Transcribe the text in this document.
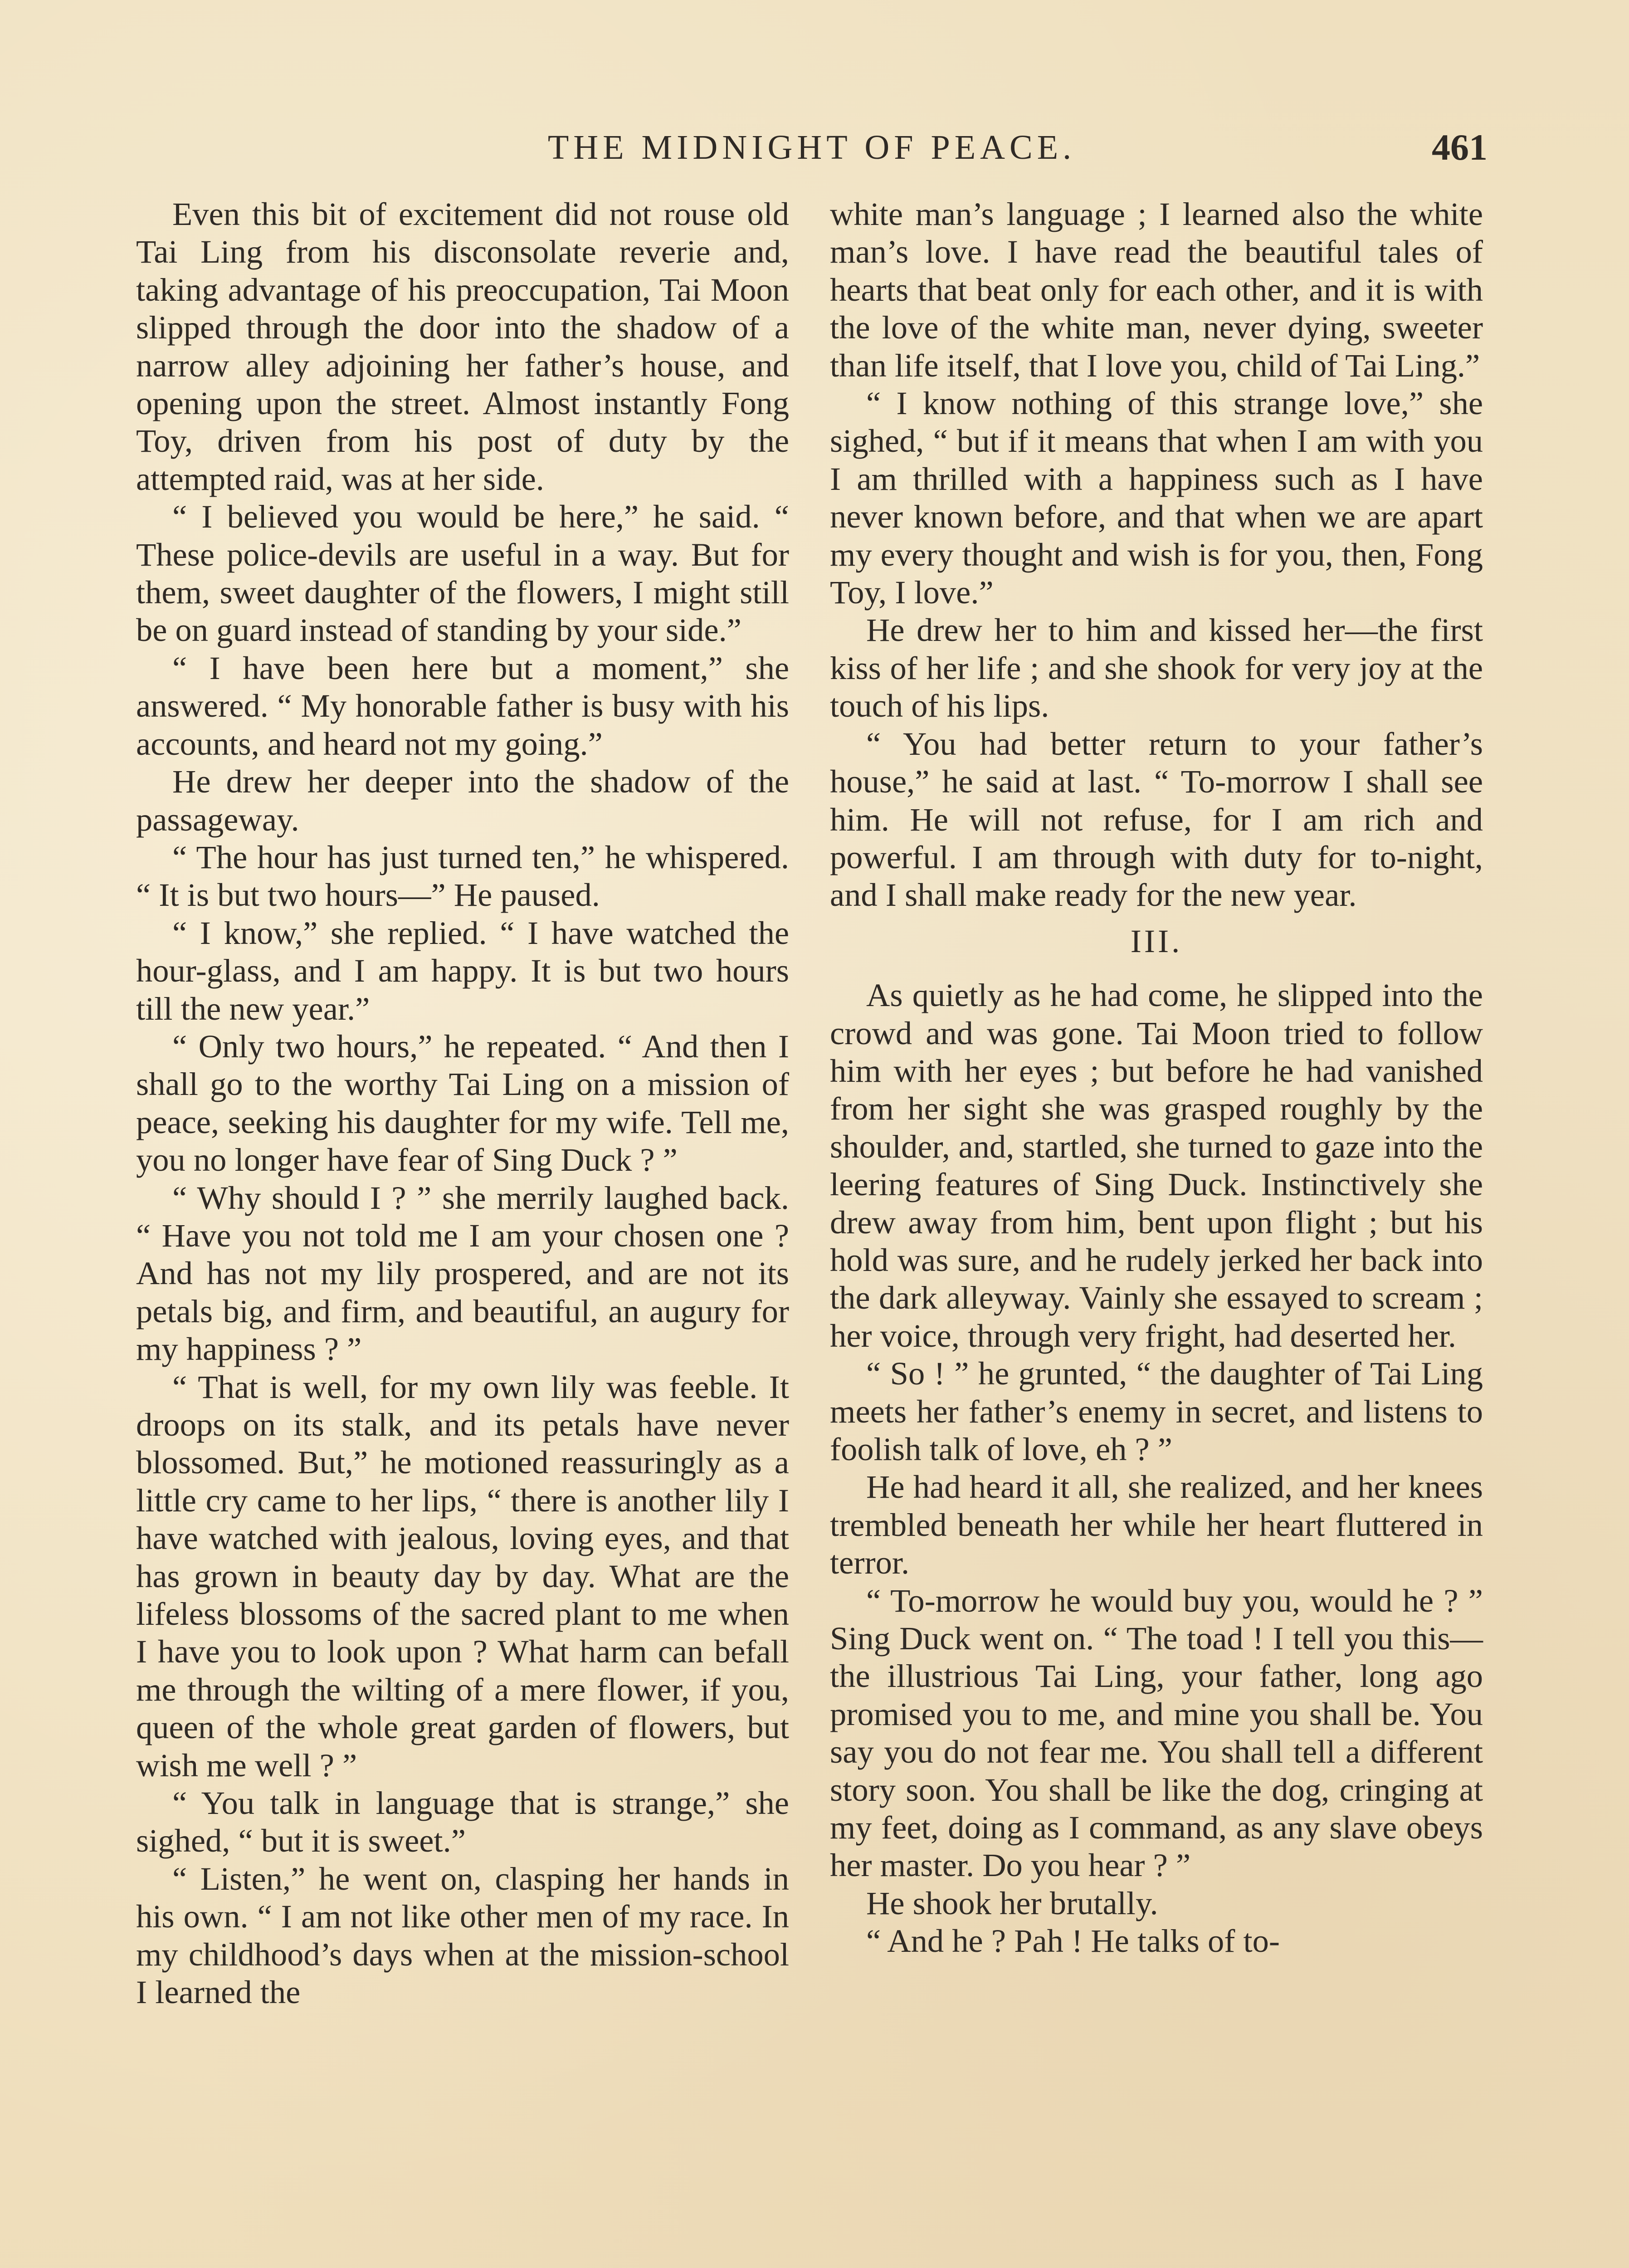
THE MIDNIGHT OF PEACE.	461

Even this bit of excitement did not rouse old Tai Ling from his disconsolate reverie and, taking advantage of his preoccupation, Tai Moon slipped through the door into the shadow of a narrow alley adjoining her father’s house, and opening upon the street. Almost instantly Fong Toy, driven from his post of duty by the attempted raid, was at her side.

“ I believed you would be here,” he said. “ These police-devils are useful in a way. But for them, sweet daughter of the flowers, I might still be on guard instead of standing by your side.”

“ I have been here but a moment,” she answered. “ My honorable father is busy with his accounts, and heard not my going.”

He drew her deeper into the shadow of the passageway.

“ The hour has just turned ten,” he whispered. “ It is but two hours—” He paused.

“ I know,” she replied. “ I have watched the hour-glass, and I am happy. It is but two hours till the new year.”

“ Only two hours,” he repeated. “ And then I shall go to the worthy Tai Ling on a mission of peace, seeking his daughter for my wife. Tell me, you no longer have fear of Sing Duck ? ”

“ Why should I ? ” she merrily laughed back. “ Have you not told me I am your chosen one ? And has not my lily prospered, and are not its petals big, and firm, and beautiful, an augury for my happiness ? ”

“ That is well, for my own lily was feeble. It droops on its stalk, and its petals have never blossomed. But,” he motioned reassuringly as a little cry came to her lips, “ there is another lily I have watched with jealous, loving eyes, and that has grown in beauty day by day. What are the lifeless blossoms of the sacred plant to me when I have you to look upon ? What harm can befall me through the wilting of a mere flower, if you, queen of the whole great garden of flowers, but wish me well ? ”

“ You talk in language that is strange,” she sighed, “ but it is sweet.”

“ Listen,” he went on, clasping her hands in his own. “ I am not like other men of my race. In my childhood’s days when at the mission-school I learned the

white man’s language ; I learned also the white man’s love. I have read the beautiful tales of hearts that beat only for each other, and it is with the love of the white man, never dying, sweeter than life itself, that I love you, child of Tai Ling.”

“ I know nothing of this strange love,” she sighed, “ but if it means that when I am with you I am thrilled with a happiness such as I have never known before, and that when we are apart my every thought and wish is for you, then, Fong Toy, I love.”

He drew her to him and kissed her—the first kiss of her life ; and she shook for very joy at the touch of his lips.

“ You had better return to your father’s house,” he said at last. “ To-morrow I shall see him. He will not refuse, for I am rich and powerful. I am through with duty for to-night, and I shall make ready for the new year.

III.

As quietly as he had come, he slipped into the crowd and was gone. Tai Moon tried to follow him with her eyes ; but before he had vanished from her sight she was grasped roughly by the shoulder, and, startled, she turned to gaze into the leering features of Sing Duck. Instinctively she drew away from him, bent upon flight ; but his hold was sure, and he rudely jerked her back into the dark alleyway. Vainly she essayed to scream ; her voice, through very fright, had deserted her.

“ So ! ” he grunted, “ the daughter of Tai Ling meets her father’s enemy in secret, and listens to foolish talk of love, eh ? ”

He had heard it all, she realized, and her knees trembled beneath her while her heart fluttered in terror.

“ To-morrow he would buy you, would he ? ” Sing Duck went on. “ The toad ! I tell you this—the illustrious Tai Ling, your father, long ago promised you to me, and mine you shall be. You say you do not fear me. You shall tell a different story soon. You shall be like the dog, cringing at my feet, doing as I command, as any slave obeys her master. Do you hear ? ”

He shook her brutally.

“ And he ? Pah ! He talks of to-
